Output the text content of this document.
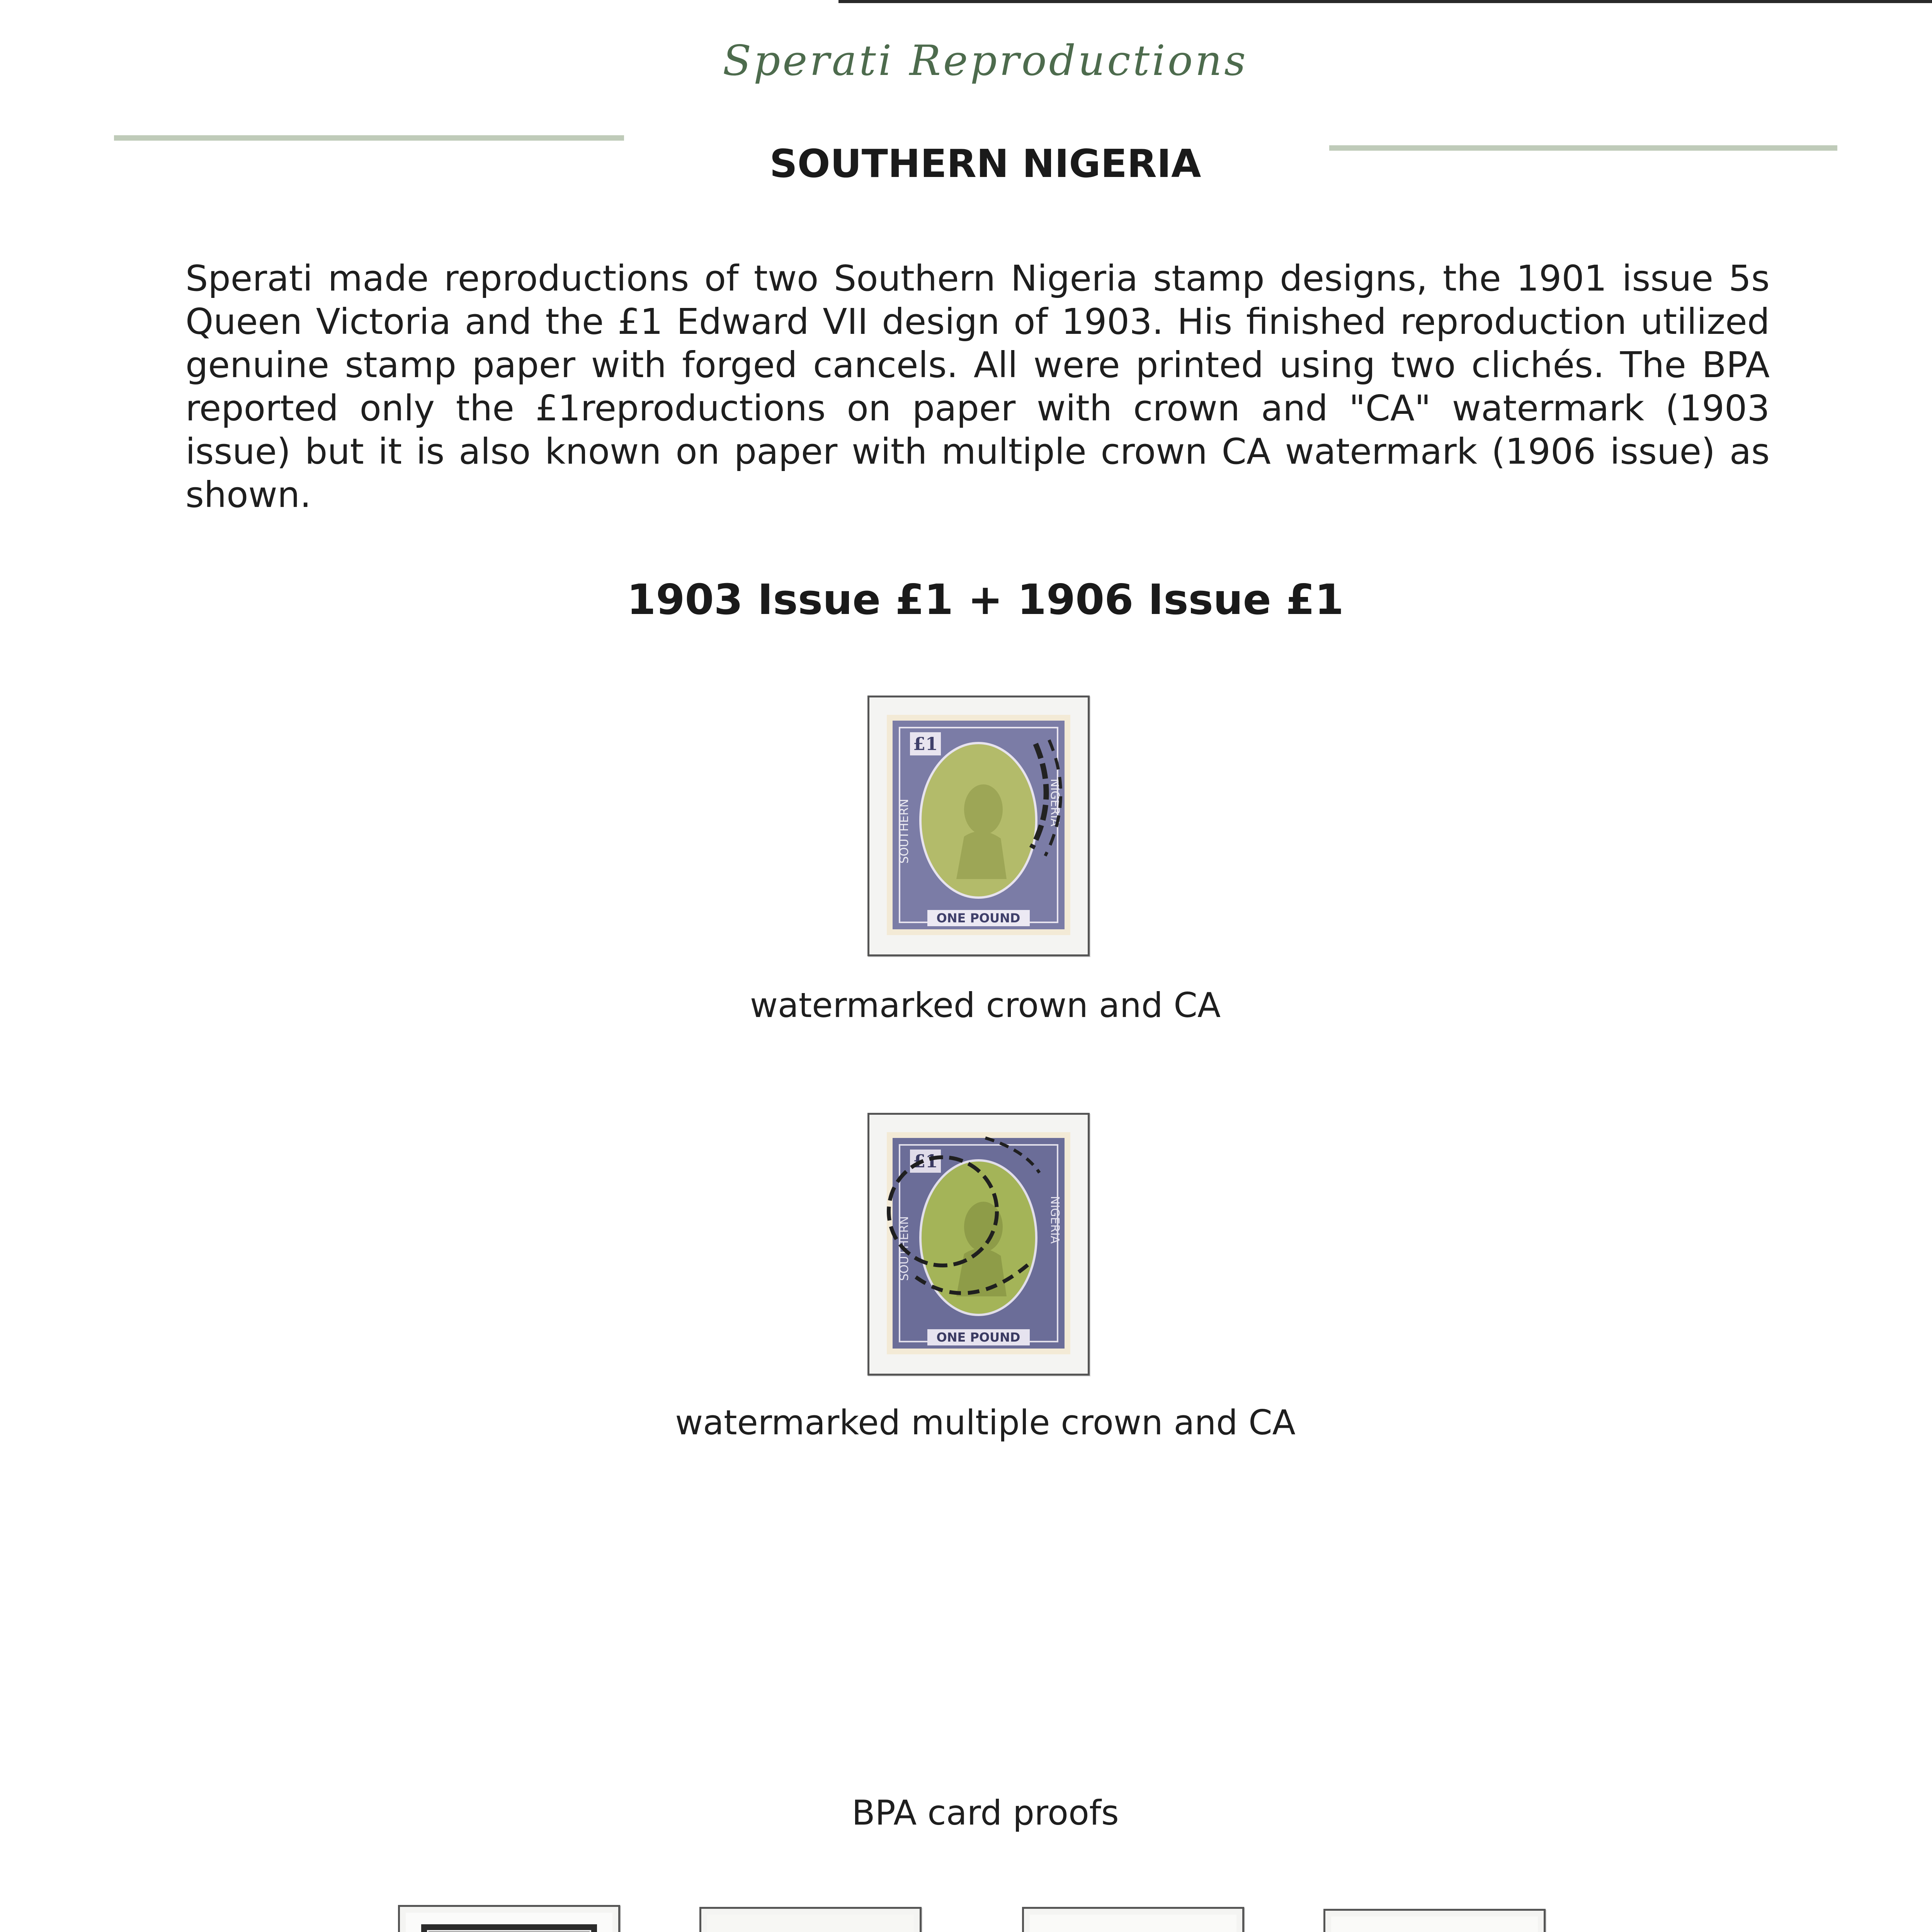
Sperati Reproductions
SOUTHERN NIGERIA
Sperati made reproductions of two Southern Nigeria stamp designs, the 1901 issue 5s Queen Victoria and the £1 Edward VII design of 1903. His finished reproduction utilized genuine stamp paper with forged cancels. All were printed using two clichés. The BPA reported only the £1reproductions on paper with crown and "CA" watermark (1903 issue) but it is also known on paper with multiple crown CA watermark (1906 issue) as shown.
1903 Issue £1 + 1906 Issue £1
£1
SOUTHERN	NIGERIA
ONE POUND
watermarked crown and CA
£1
SOUTHERN	NIGERIA
ONE POUND
watermarked multiple crown and CA
BPA card proofs
